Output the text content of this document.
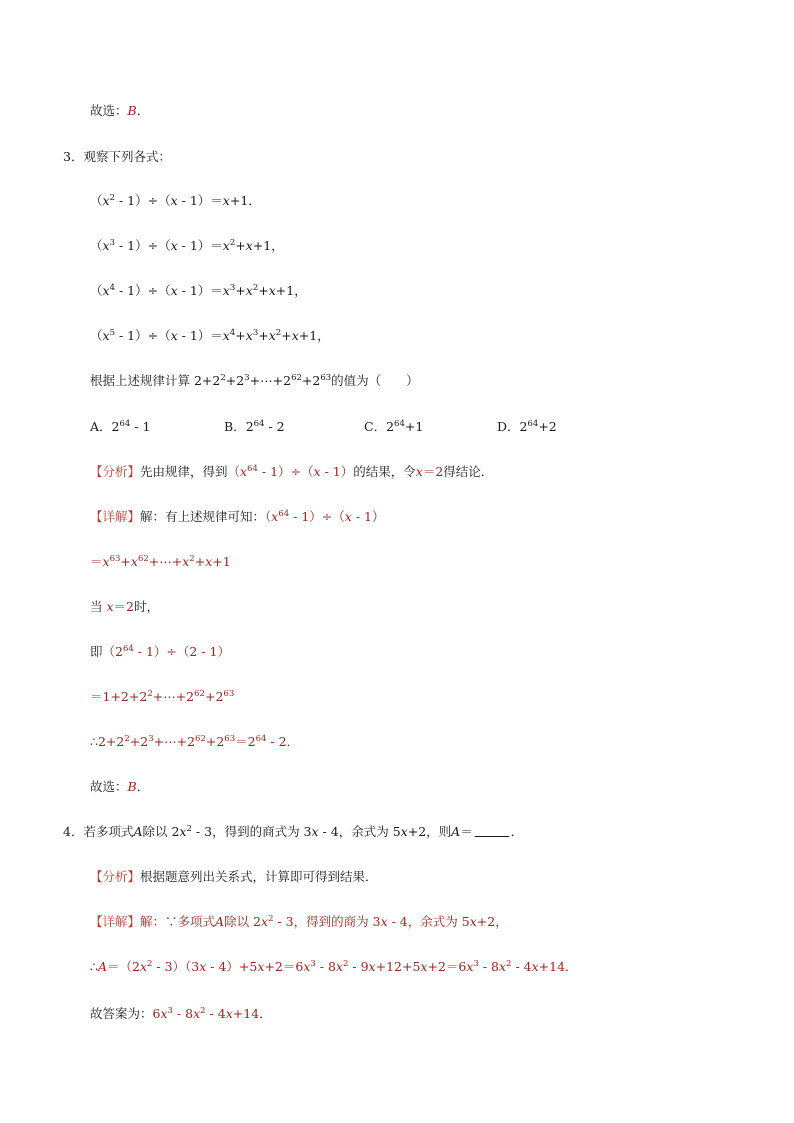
故选：B．
3．观察下列各式：
$(x^2 - 1)\div(x - 1)=x+1$．
$(x^3 - 1)\div(x - 1)=x^2+x+1$，
$(x^4 - 1)\div(x - 1)=x^3+x^2+x+1$，
$(x^5 - 1)\div(x - 1)=x^4+x^3+x^2+x+1$，
根据上述规律计算 $2+2^2+2^3+\cdots+2^{62}+2^{63}$的值为（　　）
A．$2^{64} - 1$	B．$2^{64} - 2$	C．$2^{64}+1$	D．$2^{64}+2$
【分析】先由规律，得到$(x^{64} - 1)\div(x - 1)$的结果，令x＝2得结论．
【详解】解：有上述规律可知：$(x^{64} - 1)\div(x - 1)$
$=x^{63}+x^{62}+\cdots+x^2+x+1$
当 x＝2时，
即$(2^{64} - 1)\div(2 - 1)$
$=1+2+2^2+\cdots+2^{62}+2^{63}$
$\therefore 2+2^2+2^3+\cdots+2^{62}+2^{63}=2^{64} - 2$．
故选：B．
4．若多项式A除以 $2x^2 - 3$，得到的商式为 3x - 4，余式为 5x+2，则A＝	．
【分析】根据题意列出关系式，计算即可得到结果．
【详解】解：∵多项式A除以 $2x^2 - 3$，得到的商为 3x - 4，余式为 5x+2，
$\therefore A=(2x^2 - 3)(3x - 4)+5x+2=6x^3 - 8x^2 - 9x+12+5x+2=6x^3 - 8x^2 - 4x+14$．
故答案为：$6x^3 - 8x^2 - 4x+14$．
